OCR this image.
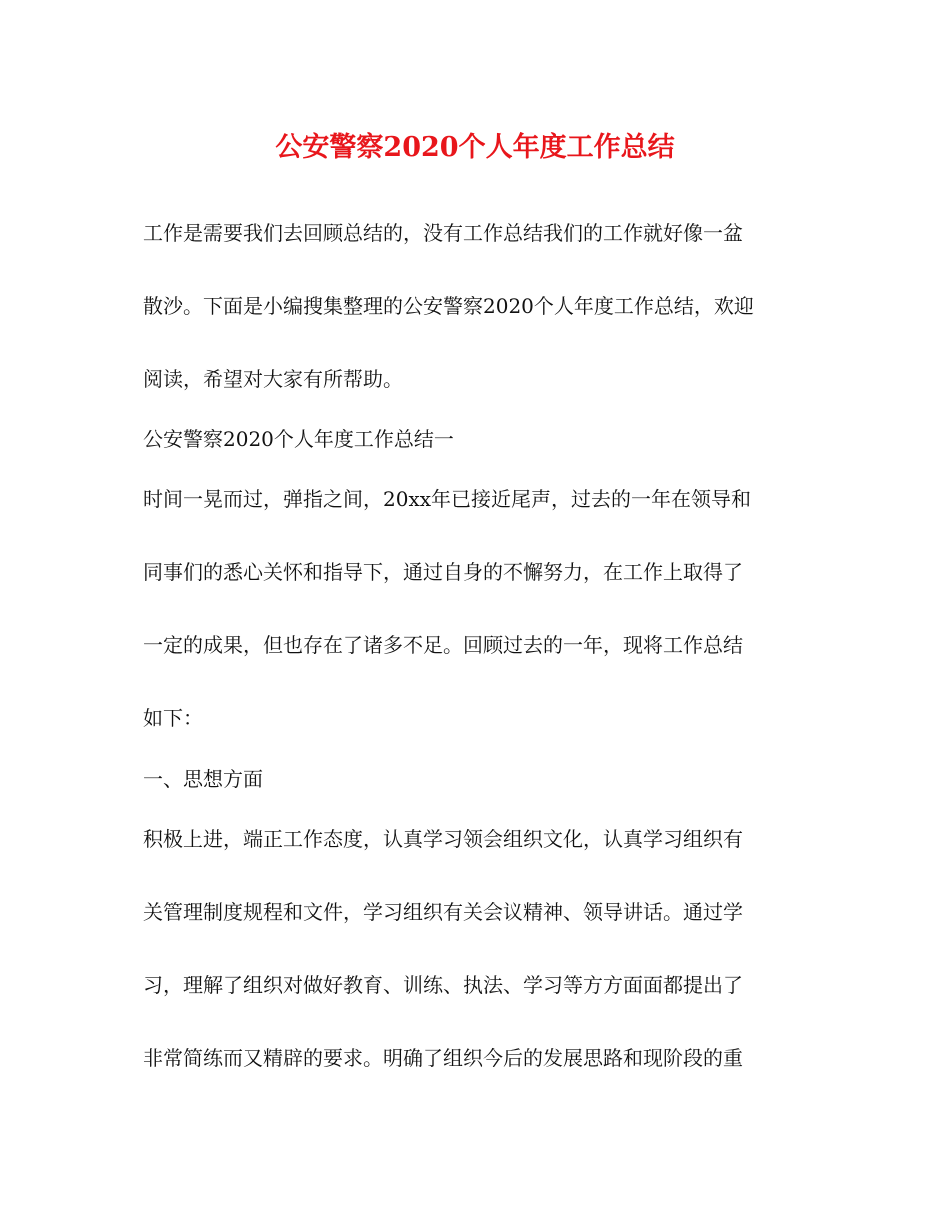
公安警察2020个人年度工作总结
工作是需要我们去回顾总结的，没有工作总结我们的工作就好像一盆
散沙。下面是小编搜集整理的公安警察2020个人年度工作总结，欢迎
阅读，希望对大家有所帮助。
公安警察2020个人年度工作总结一
时间一晃而过，弹指之间，20xx年已接近尾声，过去的一年在领导和
同事们的悉心关怀和指导下，通过自身的不懈努力，在工作上取得了
一定的成果，但也存在了诸多不足。回顾过去的一年，现将工作总结
如下：
一、思想方面
积极上进，端正工作态度，认真学习领会组织文化，认真学习组织有
关管理制度规程和文件，学习组织有关会议精神、领导讲话。通过学
习，理解了组织对做好教育、训练、执法、学习等方方面面都提出了
非常简练而又精辟的要求。明确了组织今后的发展思路和现阶段的重
